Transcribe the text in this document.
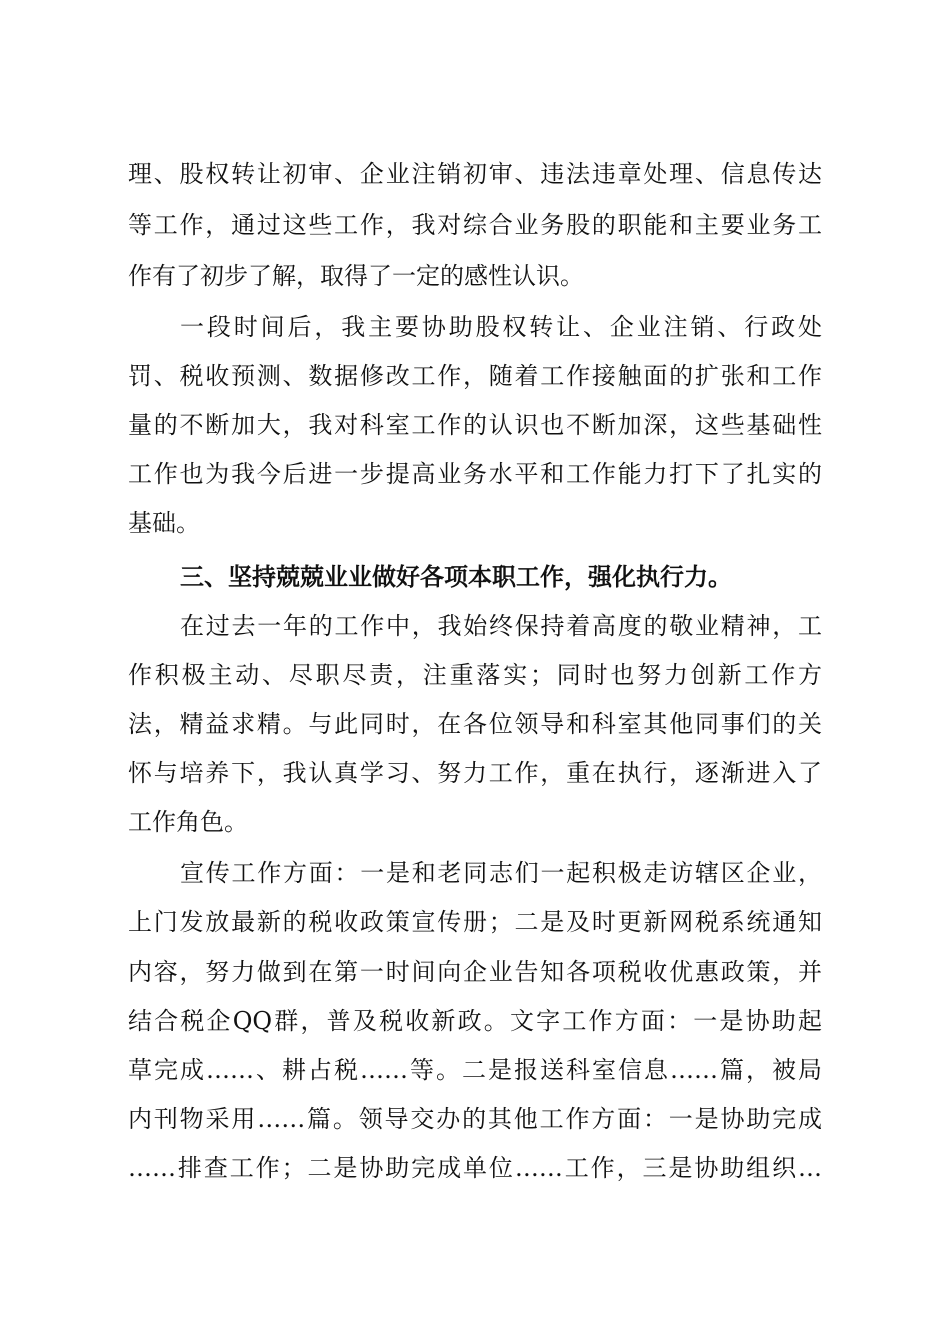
理、股权转让初审、企业注销初审、违法违章处理、信息传达
等工作，通过这些工作，我对综合业务股的职能和主要业务工
作有了初步了解，取得了一定的感性认识。
一段时间后，我主要协助股权转让、企业注销、行政处
罚、税收预测、数据修改工作，随着工作接触面的扩张和工作
量的不断加大，我对科室工作的认识也不断加深，这些基础性
工作也为我今后进一步提高业务水平和工作能力打下了扎实的
基础。
三、坚持兢兢业业做好各项本职工作，强化执行力。
在过去一年的工作中，我始终保持着高度的敬业精神，工
作积极主动、尽职尽责，注重落实；同时也努力创新工作方
法，精益求精。与此同时，在各位领导和科室其他同事们的关
怀与培养下，我认真学习、努力工作，重在执行，逐渐进入了
工作角色。
宣传工作方面：一是和老同志们一起积极走访辖区企业，
上门发放最新的税收政策宣传册；二是及时更新网税系统通知
内容，努力做到在第一时间向企业告知各项税收优惠政策，并
结合税企QQ群，普及税收新政。文字工作方面：一是协助起
草完成……、耕占税……等。二是报送科室信息……篇，被局
内刊物采用……篇。领导交办的其他工作方面：一是协助完成
……排查工作；二是协助完成单位……工作，三是协助组织…
